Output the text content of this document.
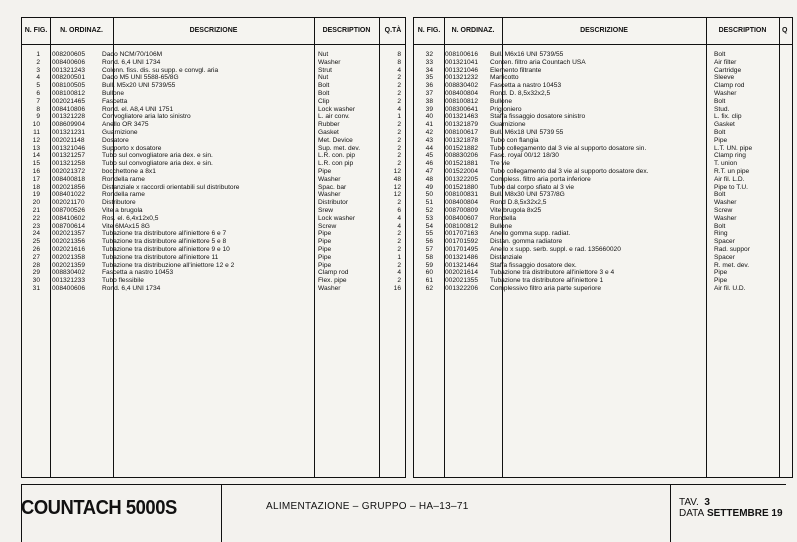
N. FIG.	N. ORDINAZ.	DESCRIZIONE	DESCRIPTION	Q.TÀ
1 008200605	Dado NCM/70/106M	Nut	8
2 008400606	Rond. 6,4 UNI 1734	Washer	8
3 001321243	Colonn. fiss. dis. su supp. e convgl. aria	Strut	4
4 008200501	Dado M5 UNI 5588-65/8G	Nut	2
5 008100505	Bull. M5x20 UNI 5739/55	Bolt	2
6 008100812	Bullone	Bolt	2
7 002021465	Fascetta	Clip	2
8 008410806	Rond. el. A8,4 UNI 1751	Lock washer	4
9 001321228	Convogliatore aria lato sinistro	L. air conv.	1
10 008609904	Anello OR 3475	Rubber	2
11 001321231	Guarnizione	Gasket	2
12 002021148	Dosatore	Met. Device	2
13 001321046	Supporto x dosatore	Sup. met. dev.	2
14 001321257	Tubo sul convogliatore aria dex. e sin.	L.R. con. pip	2
15 001321258	Tubo sul convogliatore aria dex. e sin.	L.R. con pip	2
16 002021372	bocchettone a 8x1	Pipe	12
17 008400818	Rondella rame	Washer	48
18 002021856	Distanziale x raccordi orientabili sul distributore	Spac. bar	12
19 008401022	Rondella rame	Washer	12
20 002021170	Distributore	Distributor	2
21 008700526	Vite a brugola	Srew	6
22 008410602	Ros. el. 6,4x12x0,5	Lock washer	4
23 008700614	Vite 6MAx15 8G	Screw	4
24 002021357	Tubazione tra distributore all'iniettore 6 e 7	Pipe	2
25 002021356	Tubazione tra distributore all'iniettore 5 e 8	Pipe	2
26 002021616	Tubazione tra distributore all'iniettore 9 e 10	Pipe	2
27 002021358	Tubazione tra distributore all'iniettore 11	Pipe	1
28 002021359	Tubazione tra distribuzione all'iniettore 12 e 2	Pipe	2
29 008830402	Fascetta a nastro 10453	Clamp rod	4
30 001321233	Tubo flessibile	Flex. pipe	2
31 008400606	Rond. 6,4 UNI 1734	Washer	16
N. FIG.	N. ORDINAZ.	DESCRIZIONE	DESCRIPTION	Q
32 008100616	Bull. M6x16 UNI 5739/55	Bolt
33 001321041	Conten. filtro aria Countach USA	Air filter
34 001321046	Elemento filtrante	Cartridge
35 001321232	Manicotto	Sleeve
36 008830402	Fascetta a nastro 10453	Clamp rod
37 008400804	Rond. D. 8,5x32x2,5	Washer
38 008100812	Bullone	Bolt
39 008300641	Prigioniero	Stud.
40 001321463	Staffa fissaggio dosatore sinistro	L. fix. clip
41 001321879	Guarnizione	Gasket
42 008100617	Bull. M6x18 UNI 5739 55	Bolt
43 001321878	Tubo con flangia	Pipe
44 001521882	Tubo collegamento dal 3 vie al supporto dosatore sin.	L.T. UN. pipe
45 008830206	Fasc. royal 00/12 18/30	Clamp ring
46 001521881	Tre vie	T. union
47 001522004	Tubo collegamento dal 3 vie al supporto dosatore dex.	R.T. un pipe
48 001322205	Compless. filtro aria porta inferiore	Air fil. L.D.
49 001521880	Tubo dal corpo sfiato al 3 vie	Pipe to T.U.
50 008100831	Bull. M8x30 UNI 5737/8G	Bolt
51 008400804	Rond D.8,5x32x2,5	Washer
52 008700809	Vite brugola 8x25	Screw
53 008400607	Rondella	Washer
54 008100812	Bullone	Bolt
55 001707163	Anello gomma supp. radiat.	Ring
56 001701592	Distan. gomma radiatore	Spacer
57 001701495	Anello x supp. serb. suppl. e rad. 135660020	Rad. suppor
58 001321486	Distanziale	Spacer
59 001321464	Staffa fissaggio dosatore dex.	R. met. dev.
60 002021614	Tubazione tra distributore all'iniettore 3 e 4	Pipe
61 002021355	Tubazione tra distributore all'iniettore 1	Pipe
62 001322206	Complessivo filtro aria parte superiore	Air fil. U.D.
COUNTACH 5000S	ALIMENTAZIONE – GRUPPO – HA–13–71	TAV. 3
DATA SETTEMBRE 19
